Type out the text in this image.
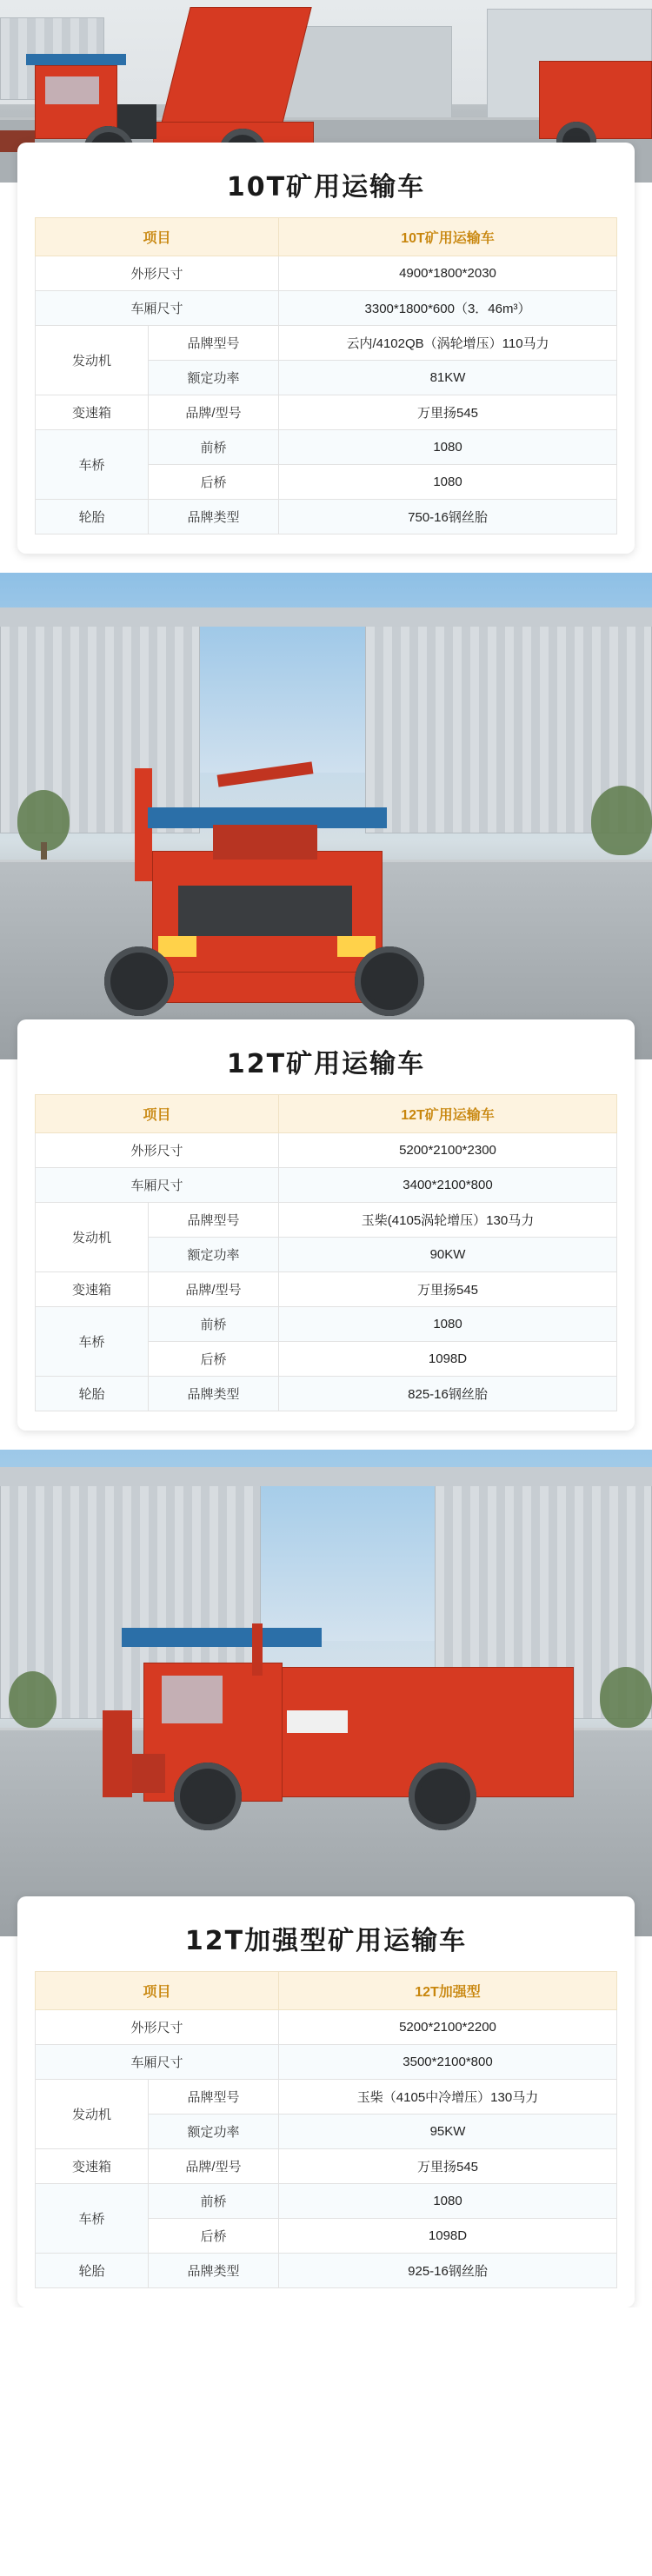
10T矿用运输车
项目		10T矿用运输车
外形尺寸		4900*1800*2030
车厢尺寸		3300*1800*600（3．46m³）
发动机	品牌型号	云内/4102QB（涡轮增压）110马力
	额定功率	81KW
变速箱	品牌/型号	万里扬545
车桥	前桥	1080
	后桥	1080
轮胎	品牌类型	750-16钢丝胎
12T矿用运输车
项目		12T矿用运输车
外形尺寸		5200*2100*2300
车厢尺寸		3400*2100*800
发动机	品牌型号	玉柴(4105涡轮增压）130马力
	额定功率	90KW
变速箱	品牌/型号	万里扬545
车桥	前桥	1080
	后桥	1098D
轮胎	品牌类型	825-16钢丝胎
12T加强型矿用运输车
项目		12T加强型
外形尺寸		5200*2100*2200
车厢尺寸		3500*2100*800
发动机	品牌型号	玉柴（4105中冷增压）130马力
	额定功率	95KW
变速箱	品牌/型号	万里扬545
车桥	前桥	1080
	后桥	1098D
轮胎	品牌类型	925-16钢丝胎
